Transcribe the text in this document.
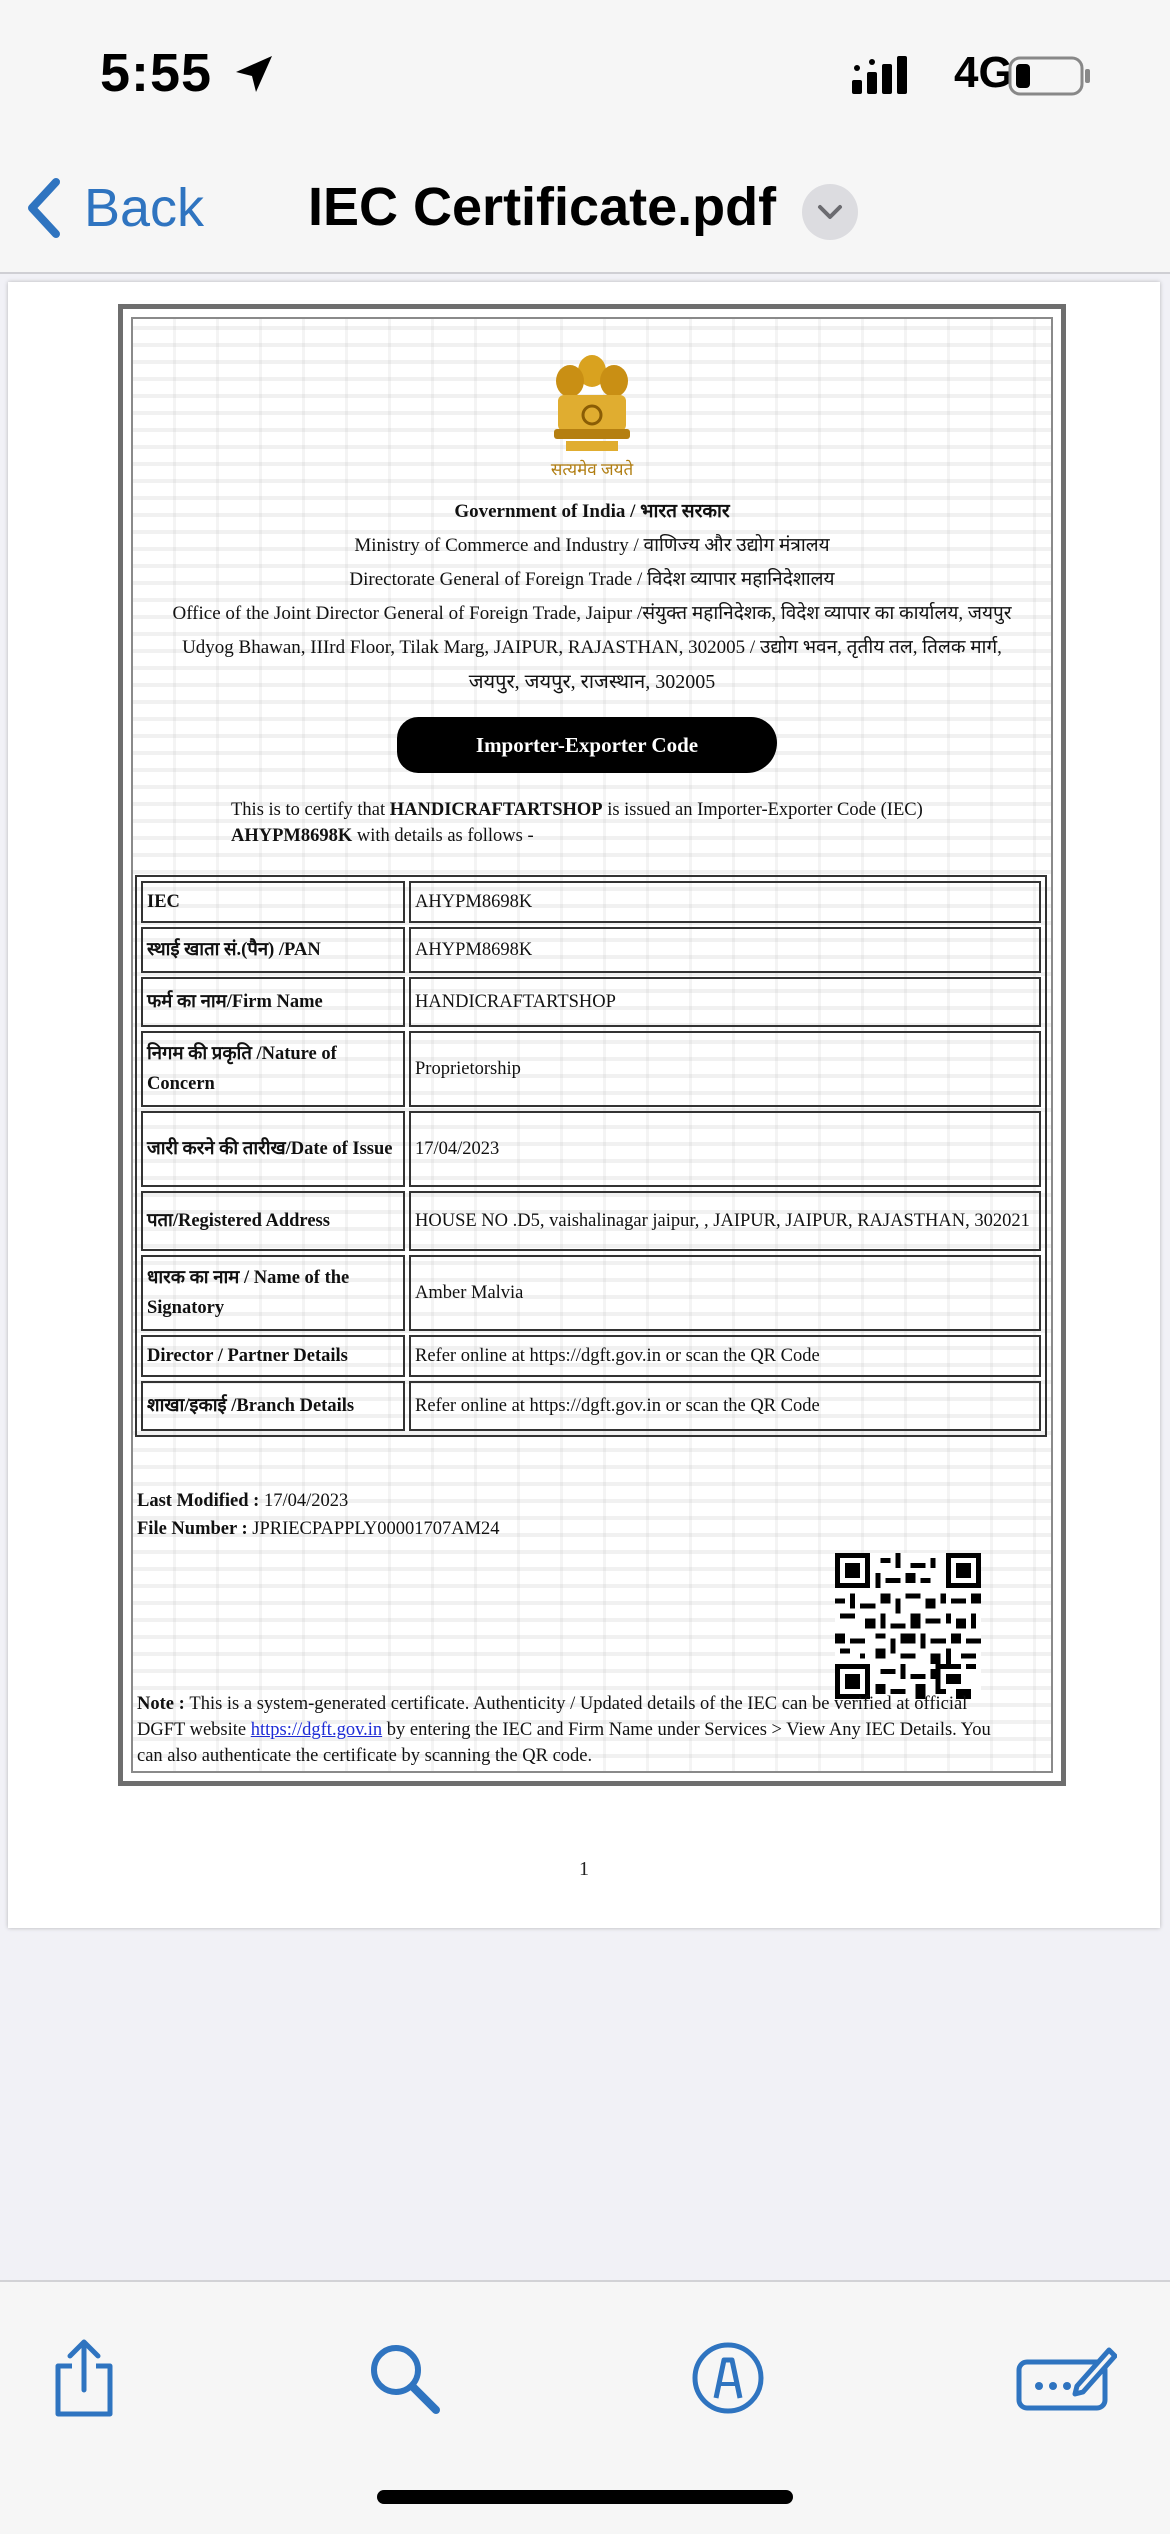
5:55	4G
Back IEC Certificate.pdf
सत्यमेव जयते
Government of India / भारत सरकार
Ministry of Commerce and Industry / वाणिज्य और उद्योग मंत्रालय
Directorate General of Foreign Trade / विदेश व्यापार महानिदेशालय
Office of the Joint Director General of Foreign Trade, Jaipur /संयुक्त महानिदेशक, विदेश व्यापार का कार्यालय, जयपुर
Udyog Bhawan, IIIrd Floor, Tilak Marg, JAIPUR, RAJASTHAN, 302005 / उद्योग भवन, तृतीय तल, तिलक मार्ग,
जयपुर, जयपुर, राजस्थान, 302005
Importer-Exporter Code
This is to certify that HANDICRAFTARTSHOP is issued an Importer-Exporter Code (IEC) AHYPM8698K with details as follows -
IEC	AHYPM8698K
स्थाई खाता सं.(पैन) /PAN	AHYPM8698K
फर्म का नाम/Firm Name	HANDICRAFTARTSHOP
निगम की प्रकृति /Nature of Concern	Proprietorship
जारी करने की तारीख/Date of Issue	17/04/2023
पता/Registered Address	HOUSE NO .D5, vaishalinagar jaipur, , JAIPUR, JAIPUR, RAJASTHAN, 302021
धारक का नाम / Name of the Signatory	Amber Malvia
Director / Partner Details	Refer online at https://dgft.gov.in or scan the QR Code
शाखा/इकाई /Branch Details	Refer online at https://dgft.gov.in or scan the QR Code
Last Modified : 17/04/2023
File Number : JPRIECPAPPLY00001707AM24
Note : This is a system-generated certificate. Authenticity / Updated details of the IEC can be verified at official DGFT website https://dgft.gov.in by entering the IEC and Firm Name under Services > View Any IEC Details. You can also authenticate the certificate by scanning the QR code.
1
